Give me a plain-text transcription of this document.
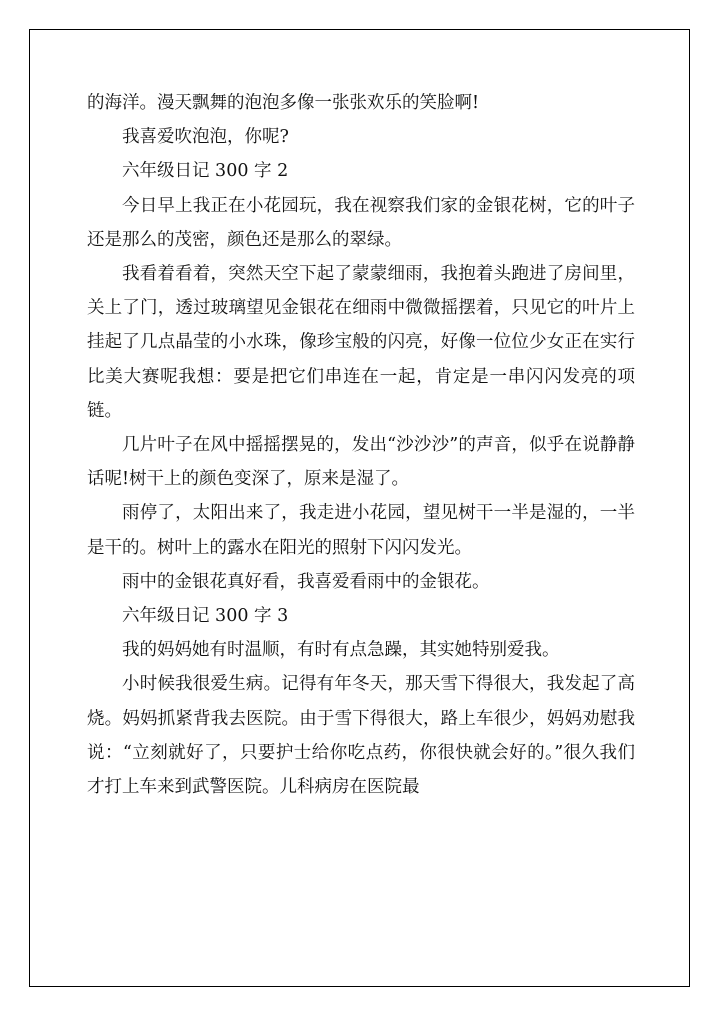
的海洋。漫天飘舞的泡泡多像一张张欢乐的笑脸啊!

我喜爱吹泡泡，你呢?

六年级日记 300 字 2

今日早上我正在小花园玩，我在视察我们家的金银花树，它的叶子还是那么的茂密，颜色还是那么的翠绿。

我看着看着，突然天空下起了蒙蒙细雨，我抱着头跑进了房间里，关上了门，透过玻璃望见金银花在细雨中微微摇摆着，只见它的叶片上挂起了几点晶莹的小水珠，像珍宝般的闪亮，好像一位位少女正在实行比美大赛呢我想：要是把它们串连在一起，肯定是一串闪闪发亮的项链。

几片叶子在风中摇摇摆晃的，发出“沙沙沙”的声音，似乎在说静静话呢!树干上的颜色变深了，原来是湿了。

雨停了，太阳出来了，我走进小花园，望见树干一半是湿的，一半是干的。树叶上的露水在阳光的照射下闪闪发光。

雨中的金银花真好看，我喜爱看雨中的金银花。

六年级日记 300 字 3

我的妈妈她有时温顺，有时有点急躁，其实她特别爱我。

小时候我很爱生病。记得有年冬天，那天雪下得很大，我发起了高烧。妈妈抓紧背我去医院。由于雪下得很大，路上车很少，妈妈劝慰我说：“立刻就好了，只要护士给你吃点药，你很快就会好的。”很久我们才打上车来到武警医院。儿科病房在医院最
